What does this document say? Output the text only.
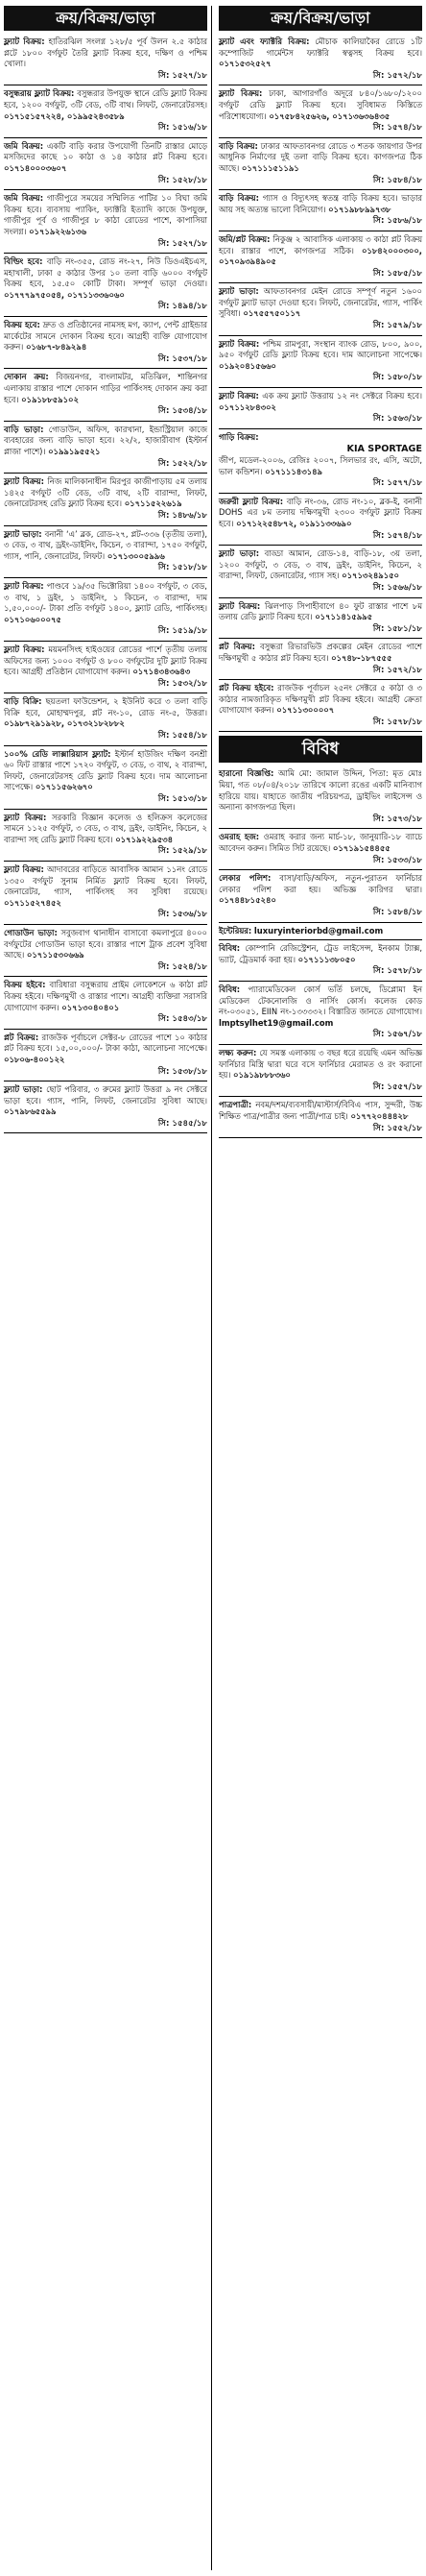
ক্রয়/বিক্রয়/ভাড়া
ফ্ল্যাট বিক্রয়: হাতিরঝিল সংলগ্ন ১২৮/৫ পূর্ব উলন ২.৫ কাঠার প্লটে ১৮০০ বর্গফুট তৈরি ফ্ল্যাট বিক্রয় হবে, দক্ষিণ ও পশ্চিম খোলা।
সি: ১৫২৭/১৮
বসুন্ধরায় ফ্ল্যাট বিক্রয়: বসুন্ধরার উপযুক্ত স্থানে রেডি ফ্ল্যাট বিক্রয় হবে, ১২০০ বর্গফুট, ৩টি বেড, ৩টি বাথ। লিফট, জেনারেটরসহ। ০১৭১৫১৫৭২২৪, ০১৯৯৫২৪৩৫৮৯
সি: ১৫১৬/১৮
জমি বিক্রয়: একটি বাড়ি করার উপযোগী তিনটি রাস্তার মোড়ে মসজিদের কাছে ১০ কাঠা ও ১৪ কাঠার প্লট বিক্রয় হবে। ০১৭১৪০০০৩৬০৭
সি: ১৫২৮/১৮
জমি বিক্রয়: গাজীপুরে সময়ের সম্মিলিত পাটির ১০ বিঘা জমি বিক্রয় হবে। ব্যবসায় প্যাকিং, ফ্যাক্টরি ইত্যাদি কাজে উপযুক্ত, গাজীপুর পূর্ব ও গাজীপুর ৮ কাঠা রোডের পাশে, কাপাসিয়া সংলগ্ন। ০১৭১৯২২৬১৩৬
সি: ১৫২৭/১৮
বিল্ডিং হবে: বাড়ি নং-৩৫৫, রোড নং-২৭, নিউ ডিওএইচএস, মহাখালী, ঢাকা ৫ কাঠার উপর ১০ তলা বাড়ি ৬০০০ বর্গফুট বিক্রয় হবে, ১৫.৫০ কোটি টাকা। সম্পূর্ণ ভাড়া দেওয়া। ০১৭৭৭৯৭৫০৫৪, ০১৭১১৩৩৬০৬০
সি: ১৪৯৪/১৮
বিক্রয় হবে: দ্রুত ও প্রতিষ্ঠানের নামসহ মগ, ক্যাপ, পেন্ট গ্রাইন্ডার মার্কেটের সামনে দোকান বিক্রয় হবে। আগ্রহী ব্যক্তি যোগাযোগ করুন। ০১৬৮৭-৮৪৯২৯৪
সি: ১৫৩৭/১৮
দোকান ক্রয়: বিজয়নগর, বাংলামটর, মতিঝিল, শান্তিনগর এলাকায় রাস্তার পাশে দোকান গাড়ির পার্কিংসহ দোকান ক্রয় করা হবে। ০১৯১৮৮৫৯১০২
সি: ১৫৩৪/১৮
বাড়ি ভাড়া: গোডাউন, অফিস, কারখানা, ইন্ডাস্ট্রিয়াল কাজে ব্যবহারের জন্য বাড়ি ভাড়া হবে। ২২/২, হাজারীবাগ (ইস্টার্ন প্লাজা পাশে)। ০১৯৯১৯৫৫২১
সি: ১৫২২/১৮
ফ্ল্যাট বিক্রয়: নিজ মালিকানাধীন মিরপুর কাজীপাড়ায় ৫ম তলায় ১৪২৫ বর্গফুট ৩টি বেড, ৩টি বাথ, ২টি বারান্দা, লিফট, জেনারেটরসহ রেডি ফ্ল্যাট বিক্রয় হবে। ০১৭১১৫২২৬১৯
সি: ১৪৮৬/১৮
ফ্ল্যাট ভাড়া: বনানী ‘এ’ ব্লক, রোড-২৭, প্লট-৩৩৬ (তৃতীয় তলা), ৩ বেড, ৩ বাথ, ড্রইং-ডাইনিং, কিচেন, ৩ বারান্দা, ১৭৫০ বর্গফুট, গ্যাস, পানি, জেনারেটর, লিফট। ০১৭১৩০০৫৯৯৬
সি: ১৫১৮/১৮
ফ্ল্যাট বিক্রয়: পাণ্ডবে ১৯/৩৫ ভিক্টোরিয়া ১৪০০ বর্গফুট, ৩ বেড, ৩ বাথ, ১ ড্রইং, ১ ডাইনিং, ১ কিচেন, ৩ বারান্দা, দাম ১,৫০,০০০/- টাকা প্রতি বর্গফুট ১৪০০, ফ্ল্যাট রেডি, পার্কিংসহ। ০১৭১০৬০০০৭৫
সি: ১৫১৯/১৮
ফ্ল্যাট বিক্রয়: ময়মনসিংহ হাইওয়ের রোডের পার্শে তৃতীয় তলায় অফিসের জন্য ১০০০ বর্গফুট ও ৮০০ বর্গফুটের দুটি ফ্ল্যাট বিক্রয় হবে। আগ্রহী প্রতিষ্ঠান যোগাযোগ করুন। ০১৭১৪৩৪৩৬৪৩
সি: ১৫৩২/১৮
বাড়ি বিক্রি: ছয়তলা ফাউন্ডেশন, ২ ইউনিট করে ৩ তলা বাড়ি বিক্রি হবে, মোহাম্মদপুর, প্লট নং-১০, রোড নং-৫, উত্তরা। ০১৯৮৭২৯১৯২৮, ০১৭৩২১৮২৮৮২
সি: ১৫৫৪/১৮
১০০% রেডি লাক্সারিয়াস ফ্ল্যাট: ইস্টার্ন হাউজিং দক্ষিণ বনশ্রী ৬০ ফিট রাস্তার পাশে ১৭২০ বর্গফুট, ৩ বেড, ৩ বাথ, ২ বারান্দা, লিফট, জেনারেটরসহ রেডি ফ্ল্যাট বিক্রয় হবে। দাম আলোচনা সাপেক্ষে। ০১৭১১৫৬২৬৭০
সি: ১৫১৩/১৮
ফ্ল্যাট বিক্রয়: সরকারি বিজ্ঞান কলেজ ও হলিক্রস কলেজের সামনে ১১২৫ বর্গফুট, ৩ বেড, ৩ বাথ, ড্রইং, ডাইনিং, কিচেন, ২ বারান্দা সহ রেডি ফ্ল্যাট বিক্রয় হবে। ০১৭১৯২২৯৫৩৪
সি: ১৫২৯/১৮
ফ্ল্যাট বিক্রয়: আদাবরের বাড়িতে আবাসিক আমান ১১নং রোডে ১৩৫০ বর্গফুট সুনাম নির্মিত ফ্ল্যাট বিক্রয় হবে। লিফট, জেনারেটর, গ্যাস, পার্কিংসহ সব সুবিধা রয়েছে। ০১৭১১৫২৭৪৫২
সি: ১৫৩৬/১৮
গোডাউন ভাড়া: সবুজবাগ থানাধীন বাসাবো কমলাপুরে ৪০০০ বর্গফুটের গোডাউন ভাড়া হবে। রাস্তার পাশে ট্রাক প্রবেশ সুবিধা আছে। ০১৭১১৫৩০৬৬৯
সি: ১৫২৪/১৮
বিক্রয় হইবে: বারিধারা বসুন্ধরায় প্রাইম লোকেশনে ৬ কাঠা প্লট বিক্রয় হইবে। দক্ষিণমুখী ও রাস্তার পাশে। আগ্রহী ব্যক্তিরা সরাসরি যোগাযোগ করুন। ০১৭১৩০৪০৪০১
সি: ১৫৪৩/১৮
প্লট বিক্রয়: রাজউক পূর্বাচলে সেক্টর-৮ রোডের পাশে ১০ কাঠার প্লট বিক্রয় হবে। ১৫,০০,০০০/- টাকা কাঠা, আলোচনা সাপেক্ষে। ০১৮০৬-৪০০১২২
সি: ১৫৩৮/১৮
ফ্ল্যাট ভাড়া: ছোট পরিবার, ৩ রুমের ফ্ল্যাট উত্তরা ৯ নং সেক্টরে ভাড়া হবে। গ্যাস, পানি, লিফট, জেনারেটর সুবিধা আছে। ০১৭৯৮৬৫৫৯৯
সি: ১৫৪৫/১৮
ক্রয়/বিক্রয়/ভাড়া
ফ্ল্যাট এবং ফ্যাক্টরি বিক্রয়: মৌচাক কালিয়াকৈর রোডে ১টি কম্পোজিট গার্মেন্টস ফ্যাক্টরি স্বত্বসহ বিক্রয় হবে। ০১৭১৫৩২৫২৭
সি: ১৫৭২/১৮
ফ্ল্যাট বিক্রয়: ঢাকা, আগারগাঁও অদূরে ৮৪০/১৬৮০/১২০০ বর্গফুট রেডি ফ্ল্যাট বিক্রয় হবে। সুবিধামত কিস্তিতে পরিশোধযোগ্য। ০১৭৫৮৪২৫৬২৬, ০১৭১৩৬৩৬৪৩৫
সি: ১৫৭৪/১৮
বাড়ি বিক্রয়: ঢাকার আফতাবনগর রোডে ৩ শতক জায়গার উপর আধুনিক নির্মাণের দুই তলা বাড়ি বিক্রয় হবে। কাগজপত্র ঠিক আছে। ০১৭১১১৫১১৯১
সি: ১৫৮৪/১৮
বাড়ি বিক্রয়: গ্যাস ও বিদ্যুৎসহ স্বতন্ত্র বাড়ি বিক্রয় হবে। ভাড়ার আয় সহ অত্যন্ত ভালো বিনিয়োগ। ০১৭১৯৮৮৯৯৭৩৮
সি: ১৫৮৬/১৮
জমি/প্লট বিক্রয়: নিকুঞ্জ ২ আবাসিক এলাকায় ৩ কাঠা প্লট বিক্রয় হবে। রাস্তার পাশে, কাগজপত্র সঠিক। ০১৮৪২০০০৩০০, ০১৭০৯৩৯৪৯০৫
সি: ১৫৮৫/১৮
ফ্ল্যাট ভাড়া: আফতাবনগর মেইন রোডে সম্পূর্ণ নতুন ১৬০০ বর্গফুট ফ্ল্যাট ভাড়া দেওয়া হবে। লিফট, জেনারেটর, গ্যাস, পার্কিং সুবিধা। ০১৭৫৫৭৫০১১৭
সি: ১৫৭৯/১৮
ফ্ল্যাট বিক্রয়: পশ্চিম রামপুরা, সংস্থান ব্যাংক রোড, ৮০০, ৯০০, ৯৫০ বর্গফুট রেডি ফ্ল্যাট বিক্রয় হবে। দাম আলোচনা সাপেক্ষে। ০১৯২০৪১৫৬৬০
সি: ১৫৮০/১৮
ফ্ল্যাট বিক্রয়: এক ক্রয় ফ্ল্যাট উত্তরায় ১২ নং সেক্টরে বিক্রয় হবে। ০১৭১১২৮৪৩০২
সি: ১৫৬৩/১৮
গাড়ি বিক্রয়:
KIA SPORTAGE
জীপ, মডেল-২০০৬, রেজিঃ ২০০৭, সিলভার রং, এসি, অটো, ভাল কন্ডিশন। ০১৭১১১৪৩১৪৯
সি: ১৫৭৭/১৮
জরুরী ফ্ল্যাট বিক্রয়: বাড়ি নং-৩৬, রোড নং-১০, ব্লক-ই, বনানী DOHS এর ৮ম তলায় দক্ষিণমুখী ২৩০০ বর্গফুট ফ্ল্যাট বিক্রয় হবে। ০১৭১২২৫৪৮৭২, ০১৯১১৩৩৬৯০
সি: ১৫৭৪/১৮
ফ্ল্যাট ভাড়া: বাড্ডা আমান, রোড-১৪, বাড়ি-১৮, ৩য় তলা, ১২০০ বর্গফুট, ৩ বেড, ৩ বাথ, ড্রইং, ডাইনিং, কিচেন, ২ বারান্দা, লিফট, জেনারেটর, গ্যাস সহ। ০১৭১৩২৪৯১৫০
সি: ১৫৬৬/১৮
ফ্ল্যাট বিক্রয়: ঝিলপাড় সিপাহীবাগে ৪০ ফুট রাস্তার পাশে ৮ম তলায় রেডি ফ্ল্যাট বিক্রয় হবে। ০১৭১১৪১৫৯৯৫
সি: ১৫৮১/১৮
প্লট বিক্রয়: বসুন্ধরা রিভারভিউ প্রকল্পের মেইন রোডের পাশে দক্ষিণমুখী ৫ কাঠার প্লট বিক্রয় হবে। ০১৭৪৮-১৮৭৫৫৫
সি: ১৫৭২/১৮
প্লট বিক্রয় হইবে: রাজউক পূর্বাচল ২৫নং সেক্টরে ৫ কাঠা ও ৩ কাঠার নামজারিকৃত দক্ষিণমুখী প্লট বিক্রয় হইবে। আগ্রহী ক্রেতা যোগাযোগ করুন। ০১৭১১৩০০০০৭
সি: ১৫৭৮/১৮
বিবিধ
হারানো বিজ্ঞপ্তি: আমি মো: জামাল উদ্দিন, পিতা: মৃত মোঃ মিয়া, গত ০৮/০৪/২০১৮ তারিখে কালো রঙের একটি মানিব্যাগ হারিয়ে যায়। যাহাতে জাতীয় পরিচয়পত্র, ড্রাইভিং লাইসেন্স ও অন্যান্য কাগজপত্র ছিল।
সি: ১৫৭৩/১৮
ওমরাহ হজ: ওমরাহ করার জন্য মার্চ-১৮, জানুয়ারি-১৮ ব্যাচে আবেদন করুন। সিমিত সিট রয়েছে। ০১৭১৯১৫৪৪৫৫
সি: ১৫৩৩/১৮
লেকার পলিশ: বাসা/বাড়ি/অফিস, নতুন-পুরাতন ফার্নিচার লেকার পলিশ করা হয়। অভিজ্ঞ কারিগর দ্বারা। ০১৭৪৪৮১৫২৪০
সি: ১৫৮৪/১৮
ইন্টেরিয়র: luxuryinteriorbd@gmail.com
বিবিধ: কোম্পানি রেজিস্ট্রেশন, ট্রেড লাইসেন্স, ইনকাম ট্যাক্স, ভ্যাট, ট্রেডমার্ক করা হয়। ০১৭১১১৩৮০৫০
সি: ১৫৭৮/১৮
বিবিধ: প্যারামেডিকেল কোর্স ভর্তি চলছে, ডিপ্লোমা ইন মেডিকেল টেকনোলজি ও নার্সিং কোর্স। কলেজ কোড নং-০৩০৫১, EIIN নং-১৩৩৩৩২। বিস্তারিত জানতে যোগাযোগ। lmptsylhet19@gmail.com
সি: ১৫৬৭/১৮
লক্ষ্য করুন: যে সমস্ত এলাকায় ৩ বছর ধরে রয়েছি এমন অভিজ্ঞ ফার্নিচার মিস্ত্রি দ্বারা ঘরে বসে ফার্নিচার মেরামত ও রং করানো হয়। ০১৯১৯৮৮৮৩৬০
সি: ১৫৫৭/১৮
পাত্রপাত্রী: নবম/দশম/ব্যবসায়ী/মাস্টার্স/বিবিএ পাস, সুন্দরী, উচ্চ শিক্ষিত পাত্র/পাত্রীর জন্য পাত্রী/পাত্র চাই। ০১৭৭২০৪৪৪২৮
সি: ১৫৫২/১৮
